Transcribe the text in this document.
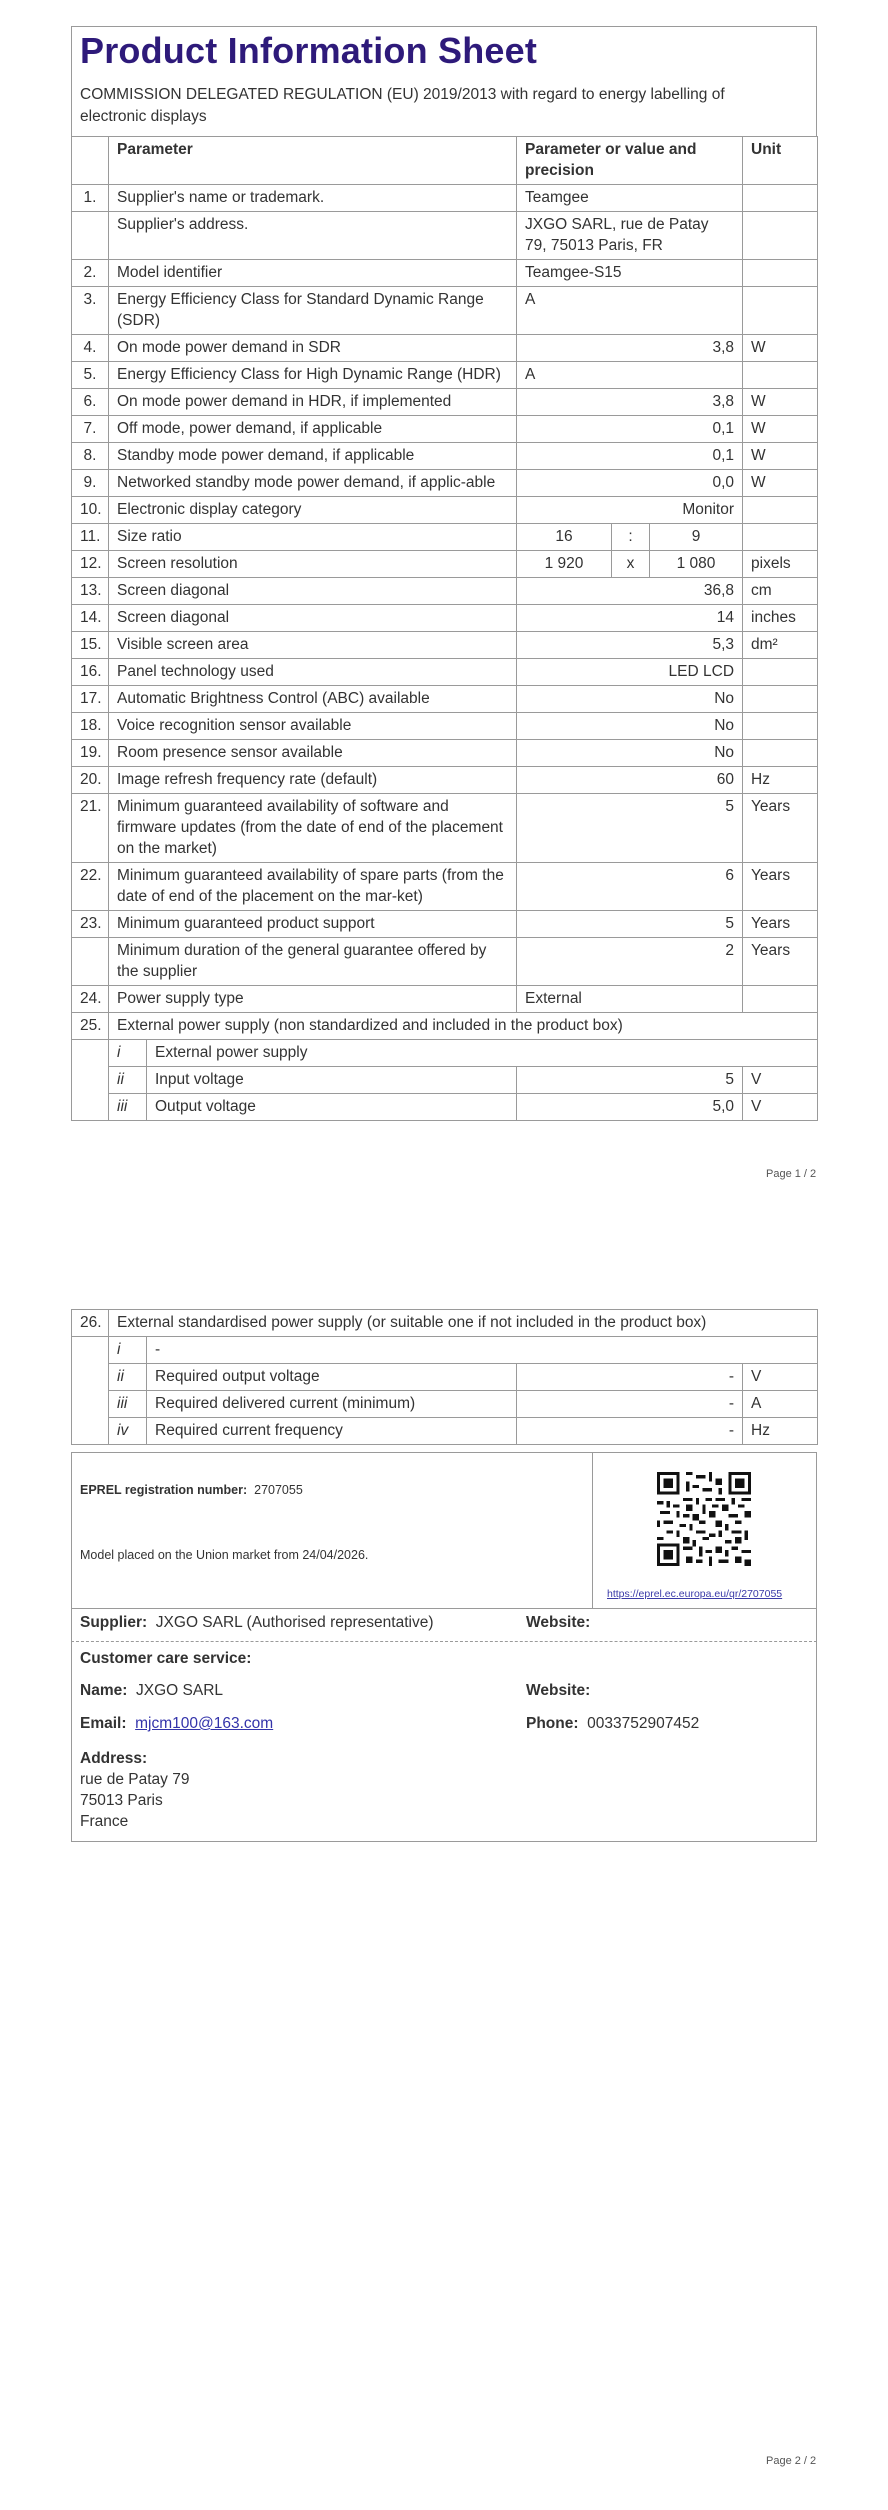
Product Information Sheet
COMMISSION DELEGATED REGULATION (EU) 2019/2013 with regard to energy labelling of electronic displays
	Parameter		Parameter or value and precision			Unit
1.	Supplier's name or trademark.		Teamgee			
	Supplier's address.		JXGO SARL, rue de Patay 79, 75013 Paris, FR			
2.	Model identifier		Teamgee-S15			
3.	Energy Efficiency Class for Standard Dynamic Range (SDR)		A			
4.	On mode power demand in SDR		3,8			W
5.	Energy Efficiency Class for High Dynamic Range (HDR)		A			
6.	On mode power demand in HDR, if implemented		3,8			W
7.	Off mode, power demand, if applicable		0,1			W
8.	Standby mode power demand, if applicable		0,1			W
9.	Networked standby mode power demand, if applic-able		0,0			W
10.	Electronic display category		Monitor			
11.	Size ratio		16	:	9	
12.	Screen resolution		1 920	x	1 080	pixels
13.	Screen diagonal		36,8			cm
14.	Screen diagonal		14			inches
15.	Visible screen area		5,3			dm²
16.	Panel technology used		LED LCD			
17.	Automatic Brightness Control (ABC) available		No			
18.	Voice recognition sensor available		No			
19.	Room presence sensor available		No			
20.	Image refresh frequency rate (default)		60			Hz
21.	Minimum guaranteed availability of software and firmware updates (from the date of end of the placement on the market)		5			Years
22.	Minimum guaranteed availability of spare parts (from the date of end of the placement on the mar-ket)		6			Years
23.	Minimum guaranteed product support		5			Years
	Minimum duration of the general guarantee offered by the supplier		2			Years
24.	Power supply type		External			
25.	External power supply (non standardized and included in the product box)					
	i	External power supply				
	ii	Input voltage	5			V
	iii	Output voltage	5,0			V
Page 1 / 2
26.	External standardised power supply (or suitable one if not included in the product box)			
	i	-		
	ii	Required output voltage	-	V
	iii	Required delivered current (minimum)	-	A
	iv	Required current frequency	-	Hz
EPREL registration number: 2707055
Model placed on the Union market from 24/04/2026.
https://eprel.ec.europa.eu/qr/2707055
Supplier: JXGO SARL (Authorised representative)	Website:
Customer care service:
Name: JXGO SARL	Website:
Email: mjcm100@163.com	Phone: 0033752907452
Address:
rue de Patay 79
75013 Paris
France
Page 2 / 2
